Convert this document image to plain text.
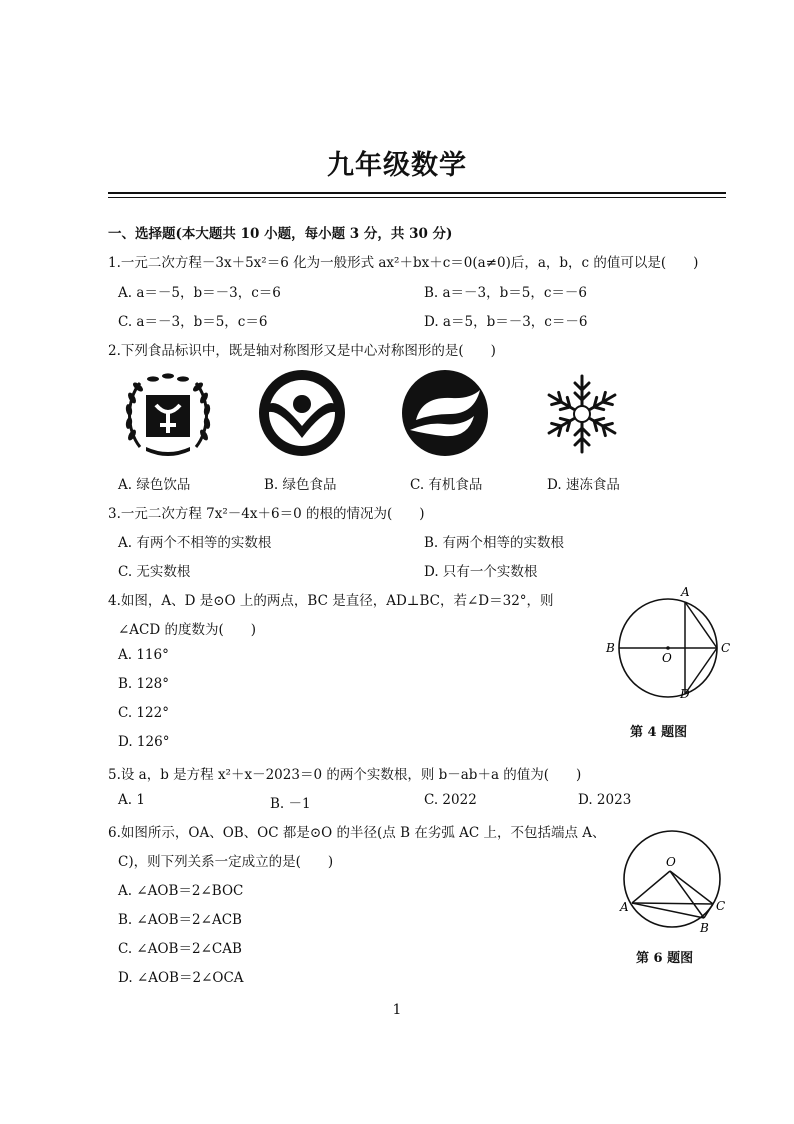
九年级数学
一、选择题(本大题共 10 小题，每小题 3 分，共 30 分)
1.一元二次方程－3x＋5x²＝6 化为一般形式 ax²＋bx＋c＝0(a≠0)后，a，b，c 的值可以是(　　)
A. a＝－5，b＝－3，c＝6	B. a＝－3，b＝5，c＝－6
C. a＝－3，b＝5，c＝6	D. a＝5，b＝－3，c＝－6
2.下列食品标识中，既是轴对称图形又是中心对称图形的是(　　)
A. 绿色饮品	B. 绿色食品	C. 有机食品	D. 速冻食品
3.一元二次方程 7x²－4x＋6＝0 的根的情况为(　　)
A. 有两个不相等的实数根	B. 有两个相等的实数根
C. 无实数根	D. 只有一个实数根
4.如图，A、D 是⊙O 上的两点，BC 是直径，AD⊥BC，若∠D＝32°，则
∠ACD 的度数为(　　)
A. 116°
B. 128°
C. 122°
D. 126°
A
B	C
D
O
第 4 题图
5.设 a，b 是方程 x²＋x－2023＝0 的两个实数根，则 b－ab＋a 的值为(　　)
A. 1	B. －1	C. 2022	D. 2023
6.如图所示，OA、OB、OC 都是⊙O 的半径(点 B 在劣弧 AC 上，不包括端点 A、
C)，则下列关系一定成立的是(　　)
A. ∠AOB＝2∠BOC
B. ∠AOB＝2∠ACB
C. ∠AOB＝2∠CAB
D. ∠AOB＝2∠OCA
O
A
B
C
第 6 题图
1
